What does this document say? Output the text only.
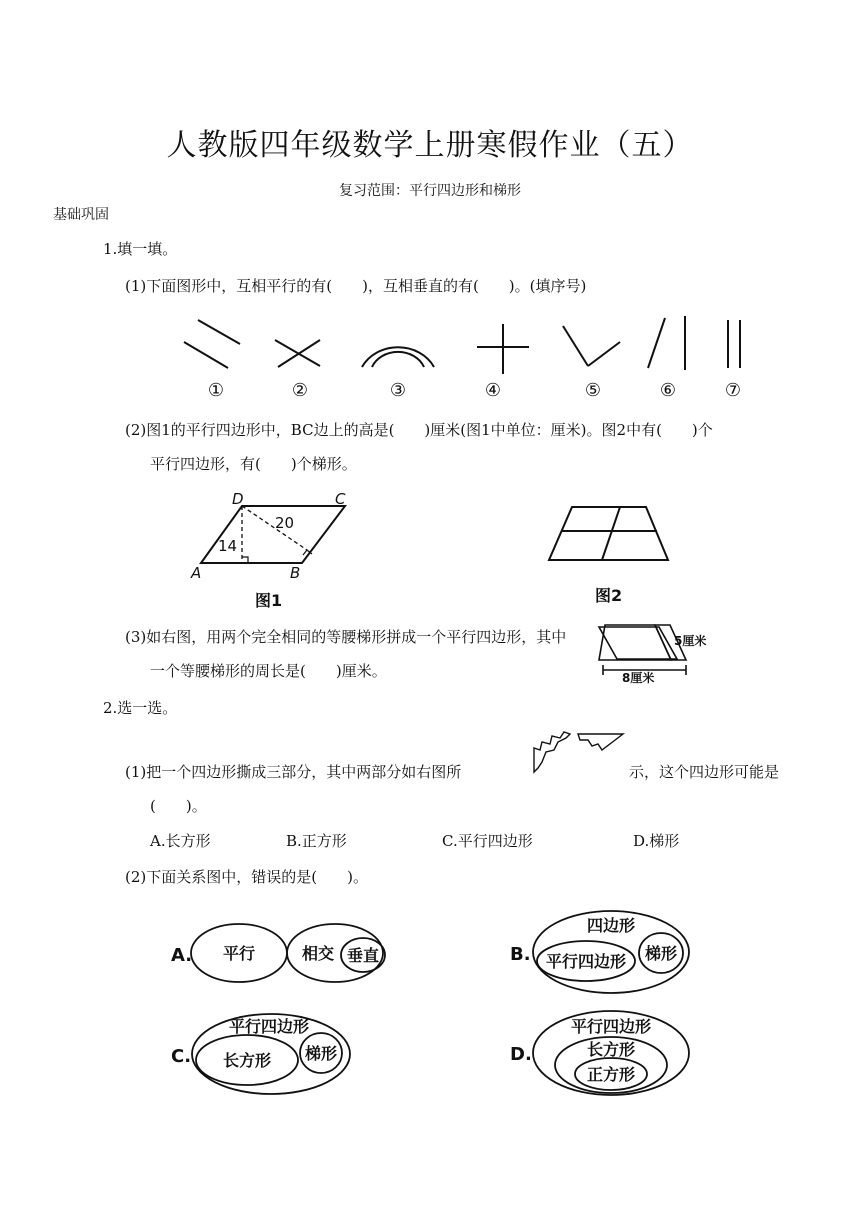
人教版四年级数学上册寒假作业（五）
复习范围：平行四边形和梯形
基础巩固
1.填一填。
(1)下面图形中，互相平行的有(　　)，互相垂直的有(　　)。(填序号)
①	②	③	④	⑤	⑥	⑦
(2)图1的平行四边形中，BC边上的高是(　　)厘米(图1中单位：厘米)。图2中有(　　)个
平行四边形，有(　　)个梯形。
D	C
A	B
14
20
图1	图2
(3)如右图，用两个完全相同的等腰梯形拼成一个平行四边形，其中
一个等腰梯形的周长是(　　)厘米。
5厘米
8厘米
2.选一选。
(1)把一个四边形撕成三部分，其中两部分如右图所	示，这个四边形可能是
(　　)。
A.长方形	B.正方形	C.平行四边形	D.梯形
(2)下面关系图中，错误的是(　　)。
A. 平行	相交 垂直	B.
四边形
平行四边形 梯形
C.
平行四边形
长方形 梯形	D.
平行四边形
长方形
正方形
